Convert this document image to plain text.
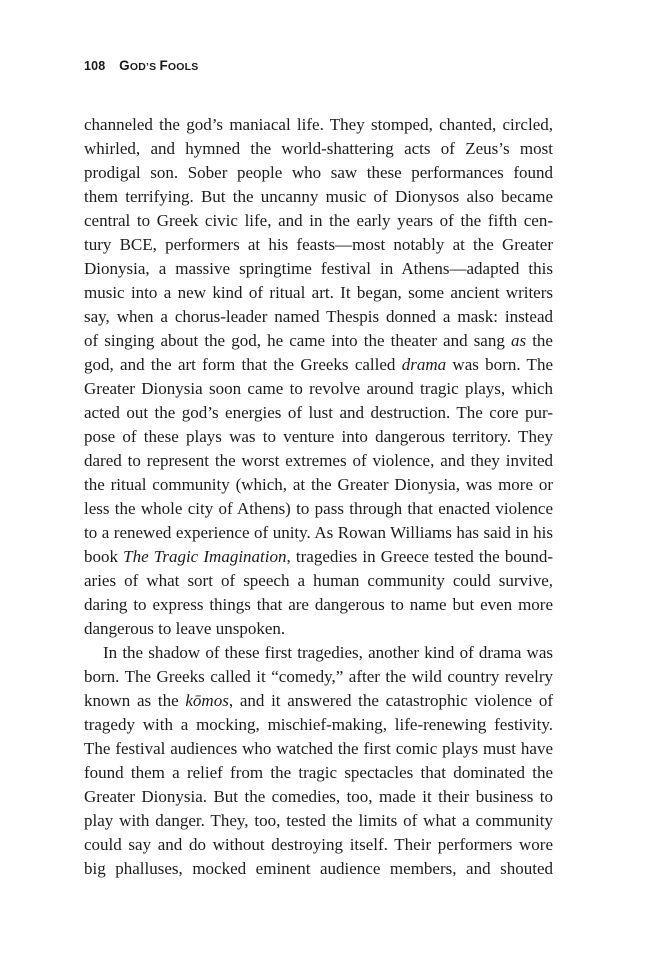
108 GOD’S FOOLS
channeled the god’s maniacal life. They stomped, chanted, circled,
whirled, and hymned the world-shattering acts of Zeus’s most
prodigal son. Sober people who saw these performances found
them terrifying. But the uncanny music of Dionysos also became
central to Greek civic life, and in the early years of the fifth cen-
tury BCE, performers at his feasts—most notably at the Greater
Dionysia, a massive springtime festival in Athens—adapted this
music into a new kind of ritual art. It began, some ancient writers
say, when a chorus-leader named Thespis donned a mask: instead
of singing about the god, he came into the theater and sang as the
god, and the art form that the Greeks called drama was born. The
Greater Dionysia soon came to revolve around tragic plays, which
acted out the god’s energies of lust and destruction. The core pur-
pose of these plays was to venture into dangerous territory. They
dared to represent the worst extremes of violence, and they invited
the ritual community (which, at the Greater Dionysia, was more or
less the whole city of Athens) to pass through that enacted violence
to a renewed experience of unity. As Rowan Williams has said in his
book The Tragic Imagination, tragedies in Greece tested the bound-
aries of what sort of speech a human community could survive,
daring to express things that are dangerous to name but even more
dangerous to leave unspoken.
In the shadow of these first tragedies, another kind of drama was
born. The Greeks called it “comedy,” after the wild country revelry
known as the kōmos, and it answered the catastrophic violence of
tragedy with a mocking, mischief-making, life-renewing festivity.
The festival audiences who watched the first comic plays must have
found them a relief from the tragic spectacles that dominated the
Greater Dionysia. But the comedies, too, made it their business to
play with danger. They, too, tested the limits of what a community
could say and do without destroying itself. Their performers wore
big phalluses, mocked eminent audience members, and shouted
